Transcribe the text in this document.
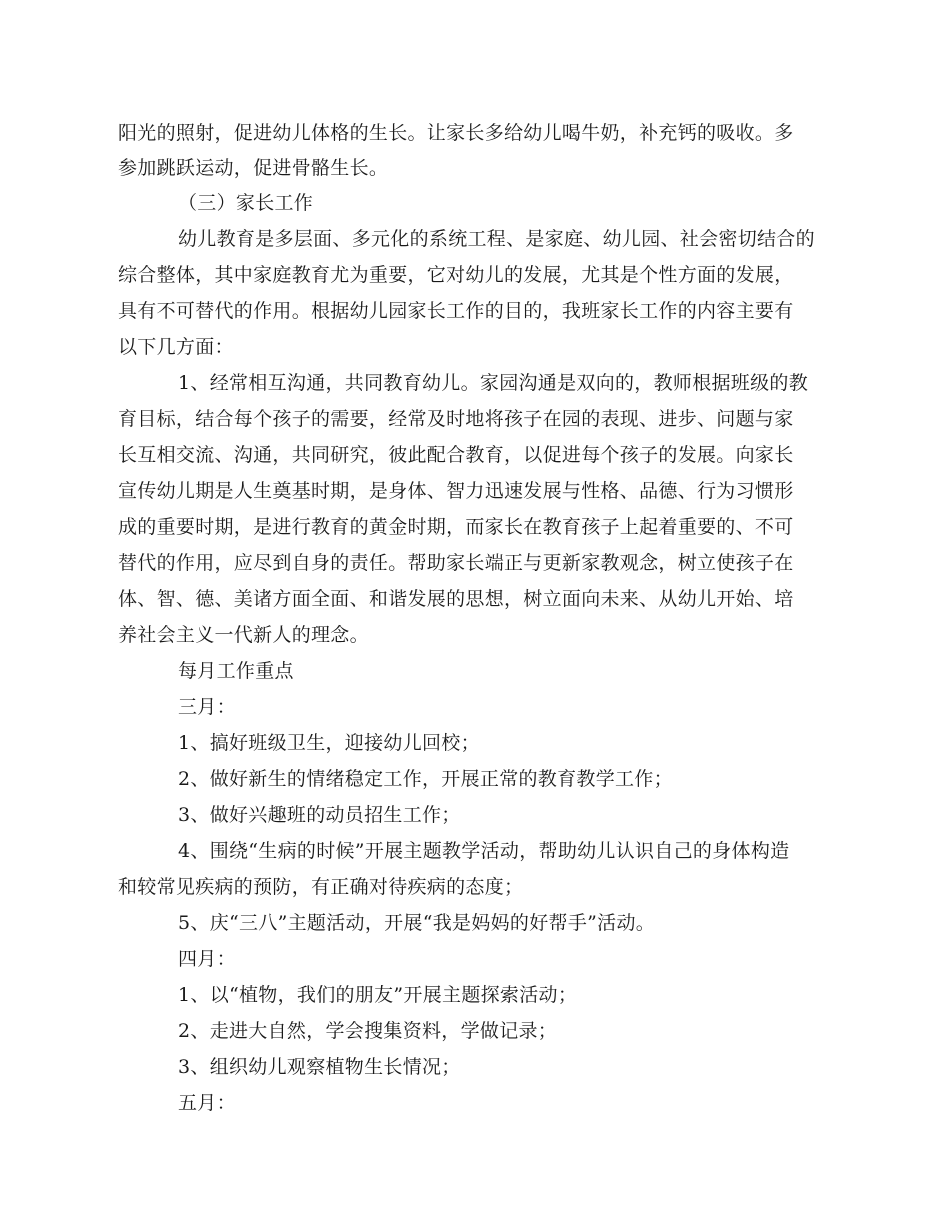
阳光的照射，促进幼儿体格的生长。让家长多给幼儿喝牛奶，补充钙的吸收。多
参加跳跃运动，促进骨骼生长。
（三）家长工作
幼儿教育是多层面、多元化的系统工程、是家庭、幼儿园、社会密切结合的
综合整体，其中家庭教育尤为重要，它对幼儿的发展，尤其是个性方面的发展，
具有不可替代的作用。根据幼儿园家长工作的目的，我班家长工作的内容主要有
以下几方面：
1、经常相互沟通，共同教育幼儿。家园沟通是双向的，教师根据班级的教
育目标，结合每个孩子的需要，经常及时地将孩子在园的表现、进步、问题与家
长互相交流、沟通，共同研究，彼此配合教育，以促进每个孩子的发展。向家长
宣传幼儿期是人生奠基时期，是身体、智力迅速发展与性格、品德、行为习惯形
成的重要时期，是进行教育的黄金时期，而家长在教育孩子上起着重要的、不可
替代的作用，应尽到自身的责任。帮助家长端正与更新家教观念，树立使孩子在
体、智、德、美诸方面全面、和谐发展的思想，树立面向未来、从幼儿开始、培
养社会主义一代新人的理念。
每月工作重点
三月：
1、搞好班级卫生，迎接幼儿回校；
2、做好新生的情绪稳定工作，开展正常的教育教学工作；
3、做好兴趣班的动员招生工作；
4、围绕“生病的时候”开展主题教学活动，帮助幼儿认识自己的身体构造
和较常见疾病的预防，有正确对待疾病的态度；
5、庆“三八”主题活动，开展“我是妈妈的好帮手”活动。
四月：
1、以“植物，我们的朋友”开展主题探索活动；
2、走进大自然，学会搜集资料，学做记录；
3、组织幼儿观察植物生长情况；
五月：
